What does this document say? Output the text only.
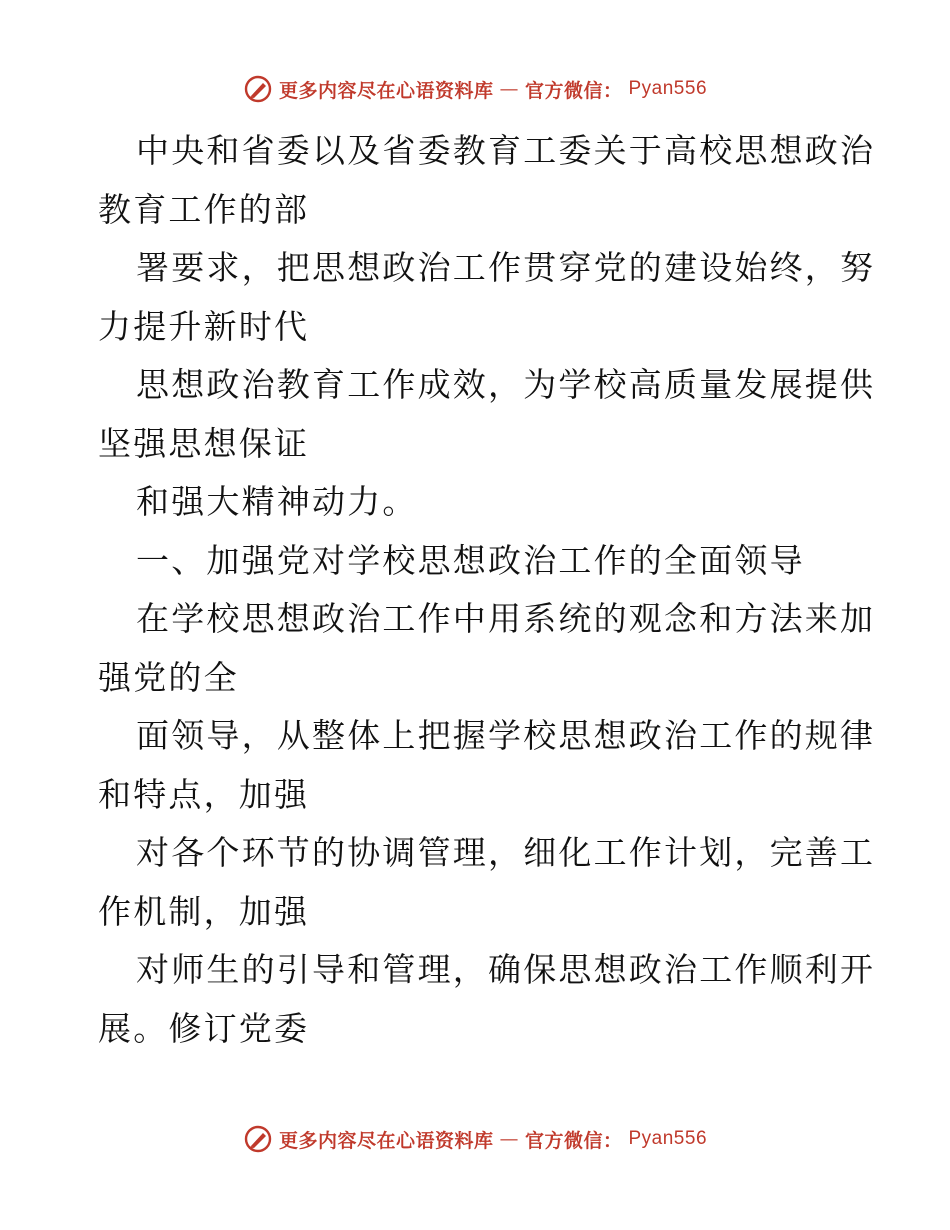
更多内容尽在心语资料库 — 官方微信： Pyan556
中央和省委以及省委教育工委关于高校思想政治
教育工作的部
署要求，把思想政治工作贯穿党的建设始终，努
力提升新时代
思想政治教育工作成效，为学校高质量发展提供
坚强思想保证
和强大精神动力。
一、加强党对学校思想政治工作的全面领导
在学校思想政治工作中用系统的观念和方法来加
强党的全
面领导，从整体上把握学校思想政治工作的规律
和特点，加强
对各个环节的协调管理，细化工作计划，完善工
作机制，加强
对师生的引导和管理，确保思想政治工作顺利开
展。修订党委
更多内容尽在心语资料库 — 官方微信： Pyan556
